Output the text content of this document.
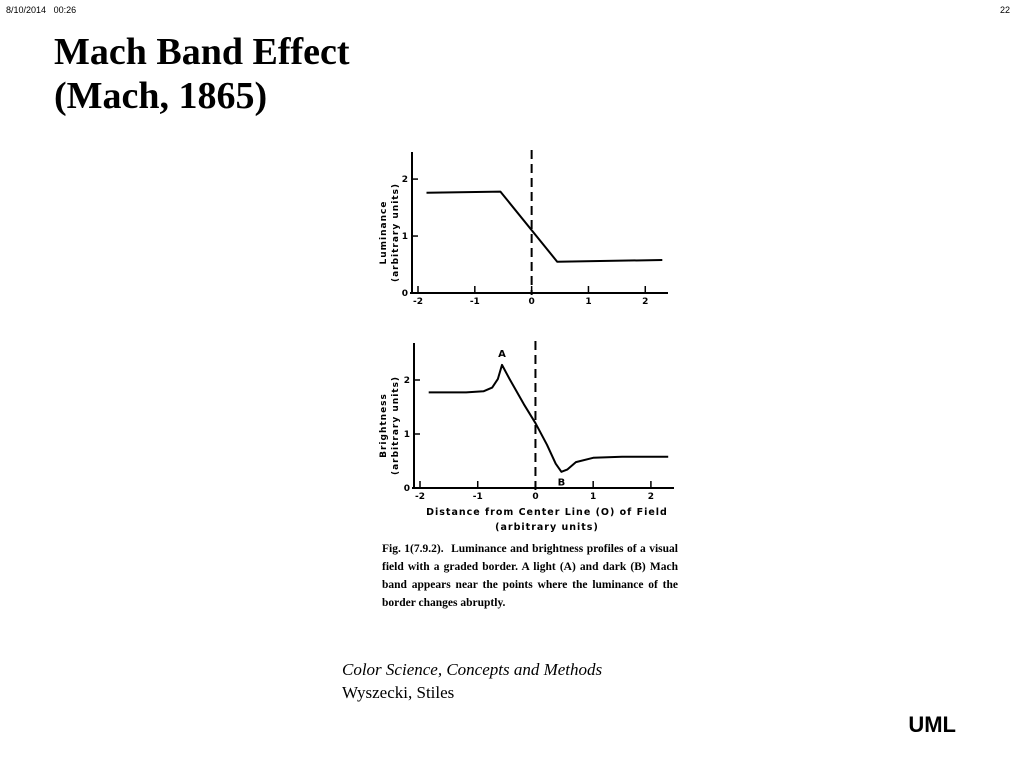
8/10/2014 00:26	22
Mach Band Effect
(Mach, 1865)
-2	-1	0	1	2
0
1
2
Luminance (arbitrary units)
-2	-1	0	1	2
0
1
2
Brightness (arbitrary units)
A
B
Distance from Center Line (O) of Field
(arbitrary units)
Fig. 1(7.9.2). Luminance and brightness profiles of a visual field with a graded border. A light (A) and dark (B) Mach band appears near the points where the luminance of the border changes abruptly.
Color Science, Concepts and Methods
Wyszecki, Stiles
UML
